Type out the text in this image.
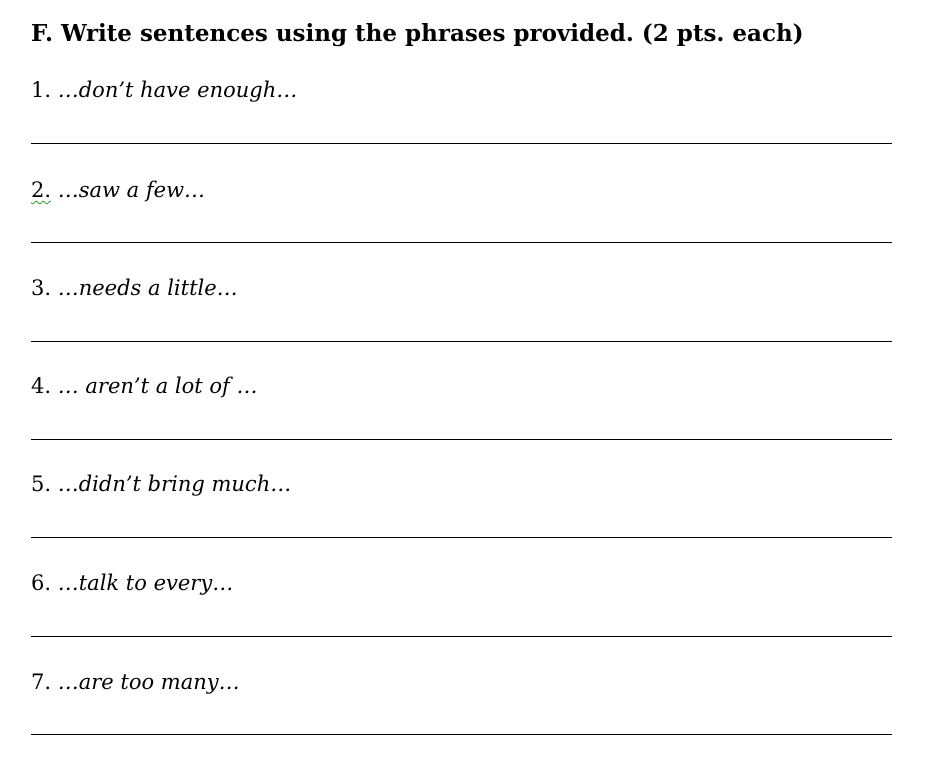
F. Write sentences using the phrases provided. (2 pts. each)
1. …don’t have enough…
2. …saw a few…
3. …needs a little…
4. … aren’t a lot of …
5. …didn’t bring much…
6. …talk to every…
7. …are too many…
